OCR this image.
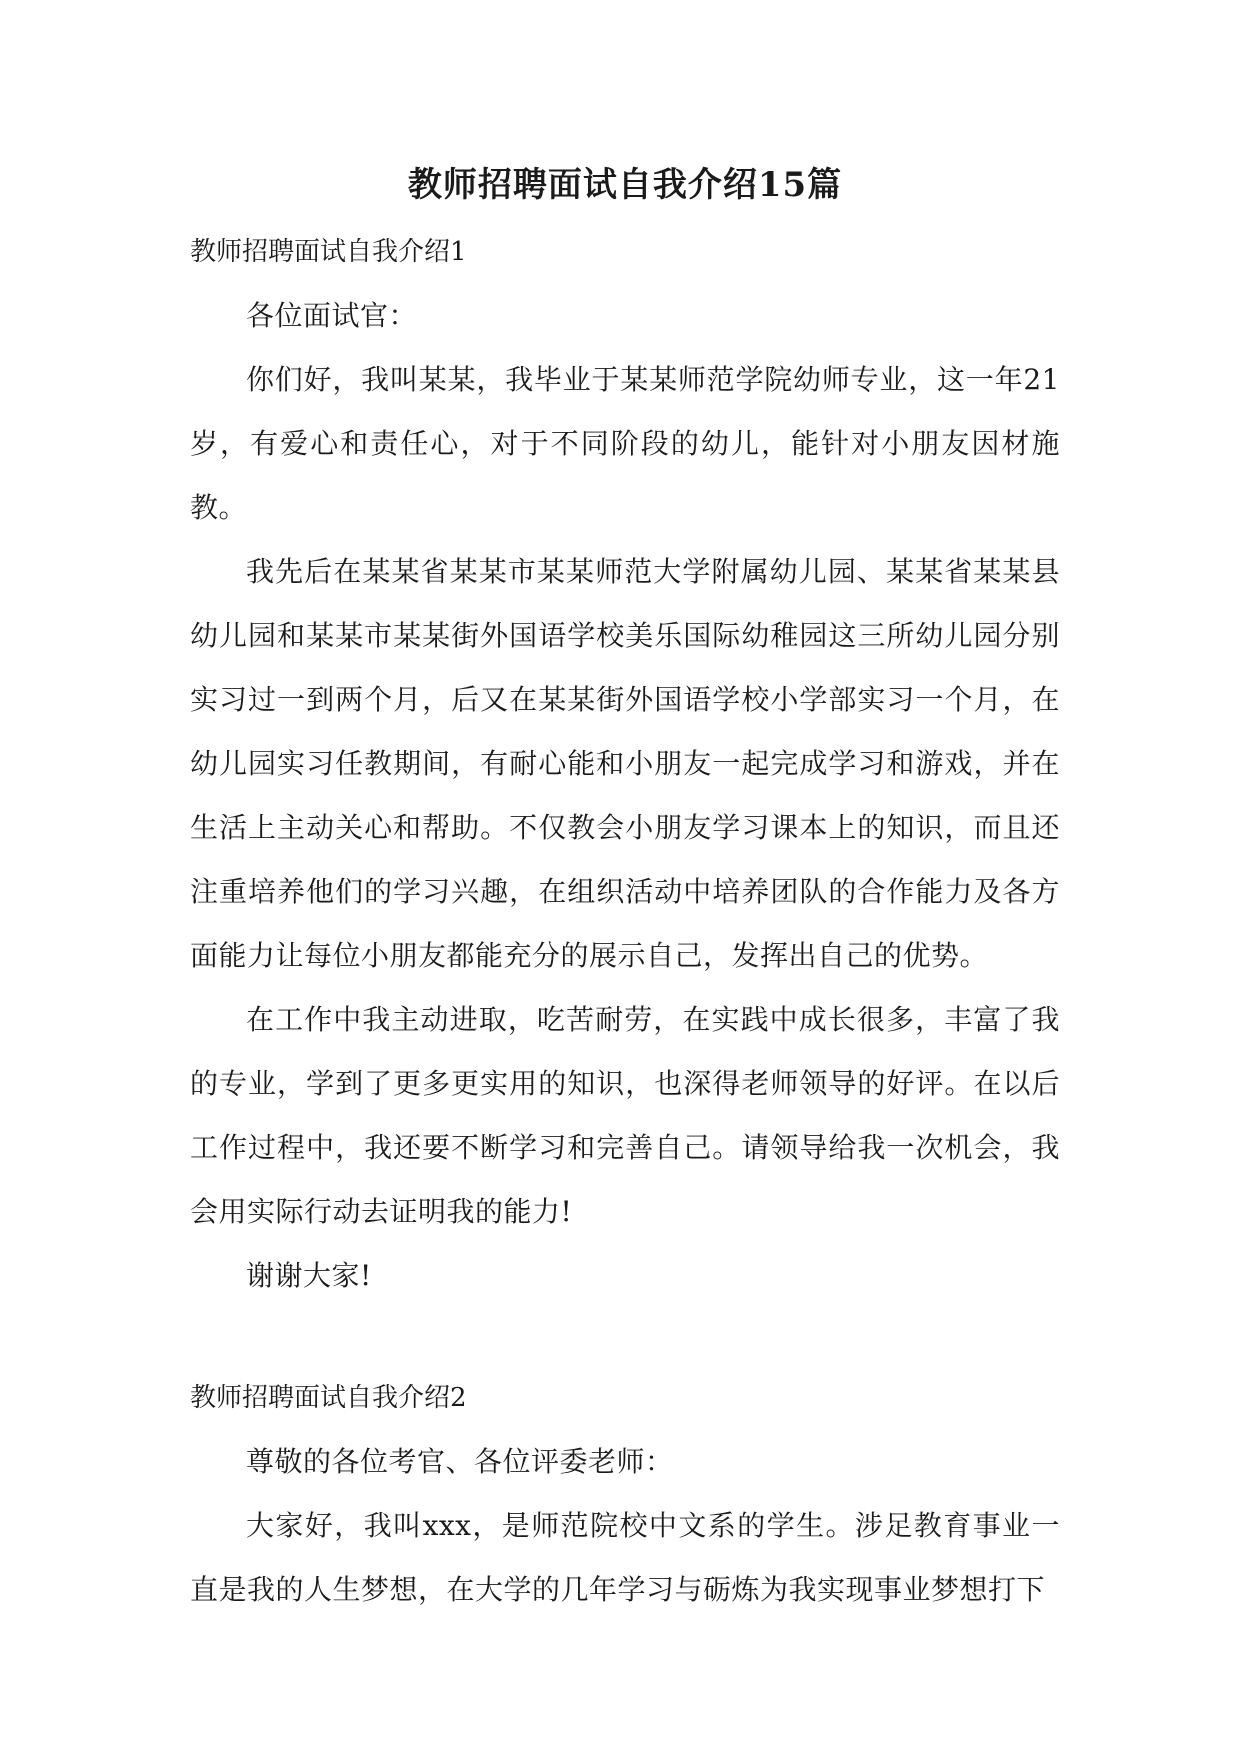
教师招聘面试自我介绍15篇
教师招聘面试自我介绍1

各位面试官：

你们好，我叫某某，我毕业于某某师范学院幼师专业，这一年21岁，有爱心和责任心，对于不同阶段的幼儿，能针对小朋友因材施教。

我先后在某某省某某市某某师范大学附属幼儿园、某某省某某县幼儿园和某某市某某街外国语学校美乐国际幼稚园这三所幼儿园分别实习过一到两个月，后又在某某街外国语学校小学部实习一个月，在幼儿园实习任教期间，有耐心能和小朋友一起完成学习和游戏，并在生活上主动关心和帮助。不仅教会小朋友学习课本上的知识，而且还注重培养他们的学习兴趣，在组织活动中培养团队的合作能力及各方面能力让每位小朋友都能充分的展示自己，发挥出自己的优势。

在工作中我主动进取，吃苦耐劳，在实践中成长很多，丰富了我的专业，学到了更多更实用的知识，也深得老师领导的好评。在以后工作过程中，我还要不断学习和完善自己。请领导给我一次机会，我会用实际行动去证明我的能力!

谢谢大家!

教师招聘面试自我介绍2

尊敬的各位考官、各位评委老师：

大家好，我叫xxx，是师范院校中文系的学生。涉足教育事业一直是我的人生梦想，在大学的几年学习与砺炼为我实现事业梦想打下
